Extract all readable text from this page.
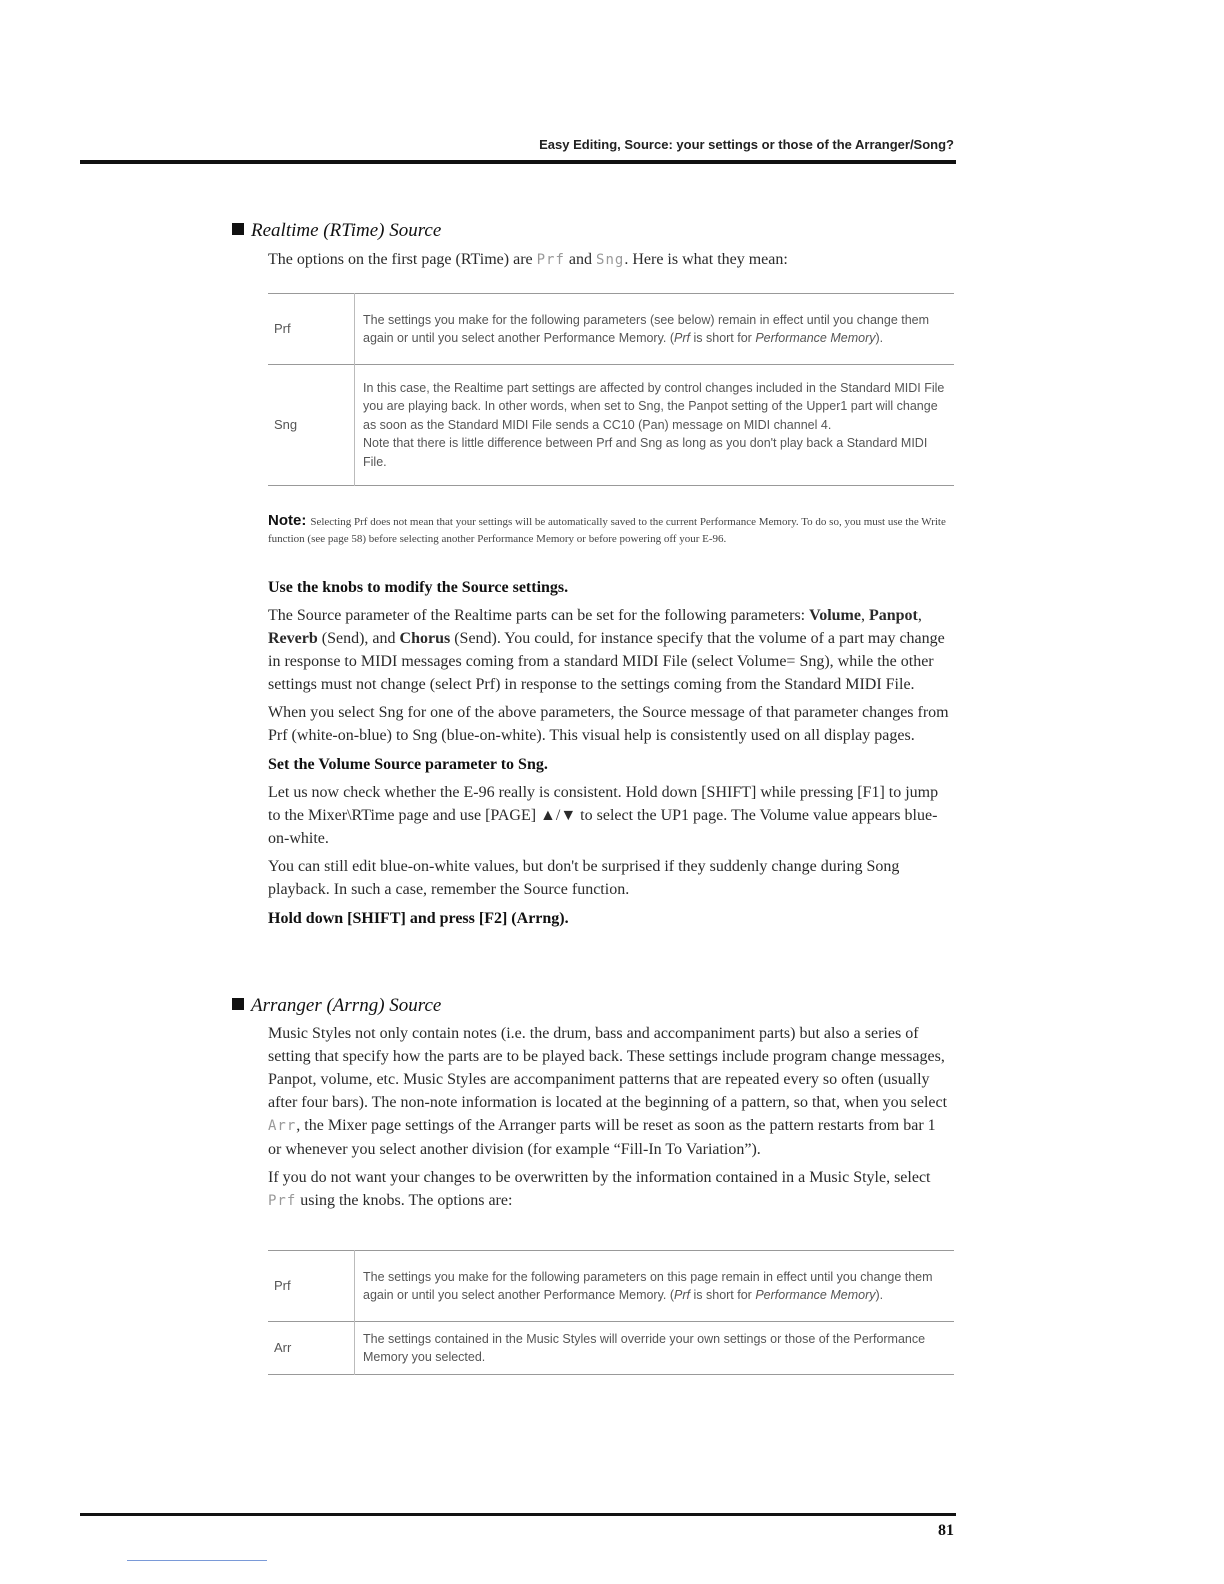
Easy Editing, Source: your settings or those of the Arranger/Song?
Realtime (RTime) Source
The options on the first page (RTime) are Prf and Sng. Here is what they mean:
Prf	The settings you make for the following parameters (see below) remain in effect until you change them again or until you select another Performance Memory. (Prf is short for Performance Memory).
Sng	In this case, the Realtime part settings are affected by control changes included in the Standard MIDI File you are playing back. In other words, when set to Sng, the Panpot setting of the Upper1 part will change as soon as the Standard MIDI File sends a CC10 (Pan) message on MIDI channel 4.
Note that there is little difference between Prf and Sng as long as you don't play back a Standard MIDI File.
Note: Selecting Prf does not mean that your settings will be automatically saved to the current Performance Memory. To do so, you must use the Write function (see page 58) before selecting another Performance Memory or before powering off your E-96.

Use the knobs to modify the Source settings.

The Source parameter of the Realtime parts can be set for the following parameters: Volume, Panpot, Reverb (Send), and Chorus (Send). You could, for instance specify that the volume of a part may change in response to MIDI messages coming from a standard MIDI File (select Volume= Sng), while the other settings must not change (select Prf) in response to the settings coming from the Standard MIDI File.

When you select Sng for one of the above parameters, the Source message of that parameter changes from Prf (white-on-blue) to Sng (blue-on-white). This visual help is consistently used on all display pages.

Set the Volume Source parameter to Sng.

Let us now check whether the E-96 really is consistent. Hold down [SHIFT] while pressing [F1] to jump to the Mixer\RTime page and use [PAGE] ▲/▼ to select the UP1 page. The Volume value appears blue-on-white.

You can still edit blue-on-white values, but don't be surprised if they suddenly change during Song playback. In such a case, remember the Source function.

Hold down [SHIFT] and press [F2] (Arrng).

Arranger (Arrng) Source

Music Styles not only contain notes (i.e. the drum, bass and accompaniment parts) but also a series of setting that specify how the parts are to be played back. These settings include program change messages, Panpot, volume, etc. Music Styles are accompaniment patterns that are repeated every so often (usually after four bars). The non-note information is located at the beginning of a pattern, so that, when you select Arr, the Mixer page settings of the Arranger parts will be reset as soon as the pattern restarts from bar 1 or whenever you select another division (for example “Fill-In To Variation”).

If you do not want your changes to be overwritten by the information contained in a Music Style, select Prf using the knobs. The options are:

Prf	The settings you make for the following parameters on this page remain in effect until you change them again or until you select another Performance Memory. (Prf is short for Performance Memory).
Arr	The settings contained in the Music Styles will override your own settings or those of the Performance Memory you selected.
81
